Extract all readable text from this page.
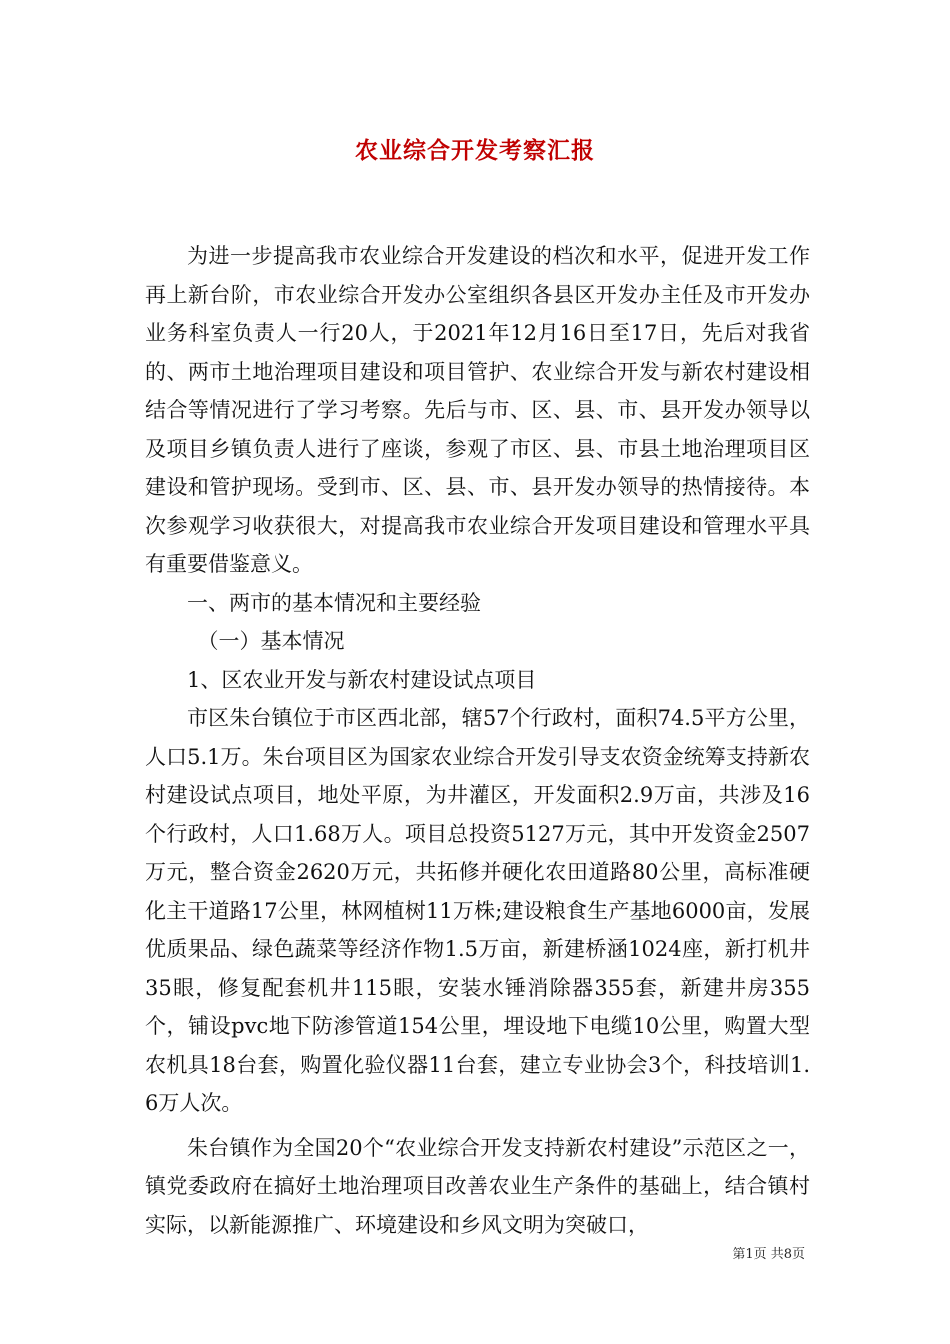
农业综合开发考察汇报

为进一步提高我市农业综合开发建设的档次和水平，促进开发工作再上新台阶，市农业综合开发办公室组织各县区开发办主任及市开发办业务科室负责人一行20人，于2021年12月16日至17日，先后对我省的、两市土地治理项目建设和项目管护、农业综合开发与新农村建设相结合等情况进行了学习考察。先后与市、区、县、市、县开发办领导以及项目乡镇负责人进行了座谈，参观了市区、县、市县土地治理项目区建设和管护现场。受到市、区、县、市、县开发办领导的热情接待。本次参观学习收获很大，对提高我市农业综合开发项目建设和管理水平具有重要借鉴意义。

一、两市的基本情况和主要经验

（一）基本情况

1、区农业开发与新农村建设试点项目

市区朱台镇位于市区西北部，辖57个行政村，面积74.5平方公里，人口5.1万。朱台项目区为国家农业综合开发引导支农资金统筹支持新农村建设试点项目，地处平原，为井灌区，开发面积2.9万亩，共涉及16个行政村，人口1.68万人。项目总投资5127万元，其中开发资金2507万元，整合资金2620万元，共拓修并硬化农田道路80公里，高标准硬化主干道路17公里，林网植树11万株;建设粮食生产基地6000亩，发展优质果品、绿色蔬菜等经济作物1.5万亩，新建桥涵1024座，新打机井35眼，修复配套机井115眼，安装水锤消除器355套，新建井房355个，铺设pvc地下防渗管道154公里，埋设地下电缆10公里，购置大型农机具18台套，购置化验仪器11台套，建立专业协会3个，科技培训1.6万人次。

朱台镇作为全国20个“农业综合开发支持新农村建设”示范区之一，镇党委政府在搞好土地治理项目改善农业生产条件的基础上，结合镇村实际，以新能源推广、环境建设和乡风文明为突破口，

第1页 共8页
